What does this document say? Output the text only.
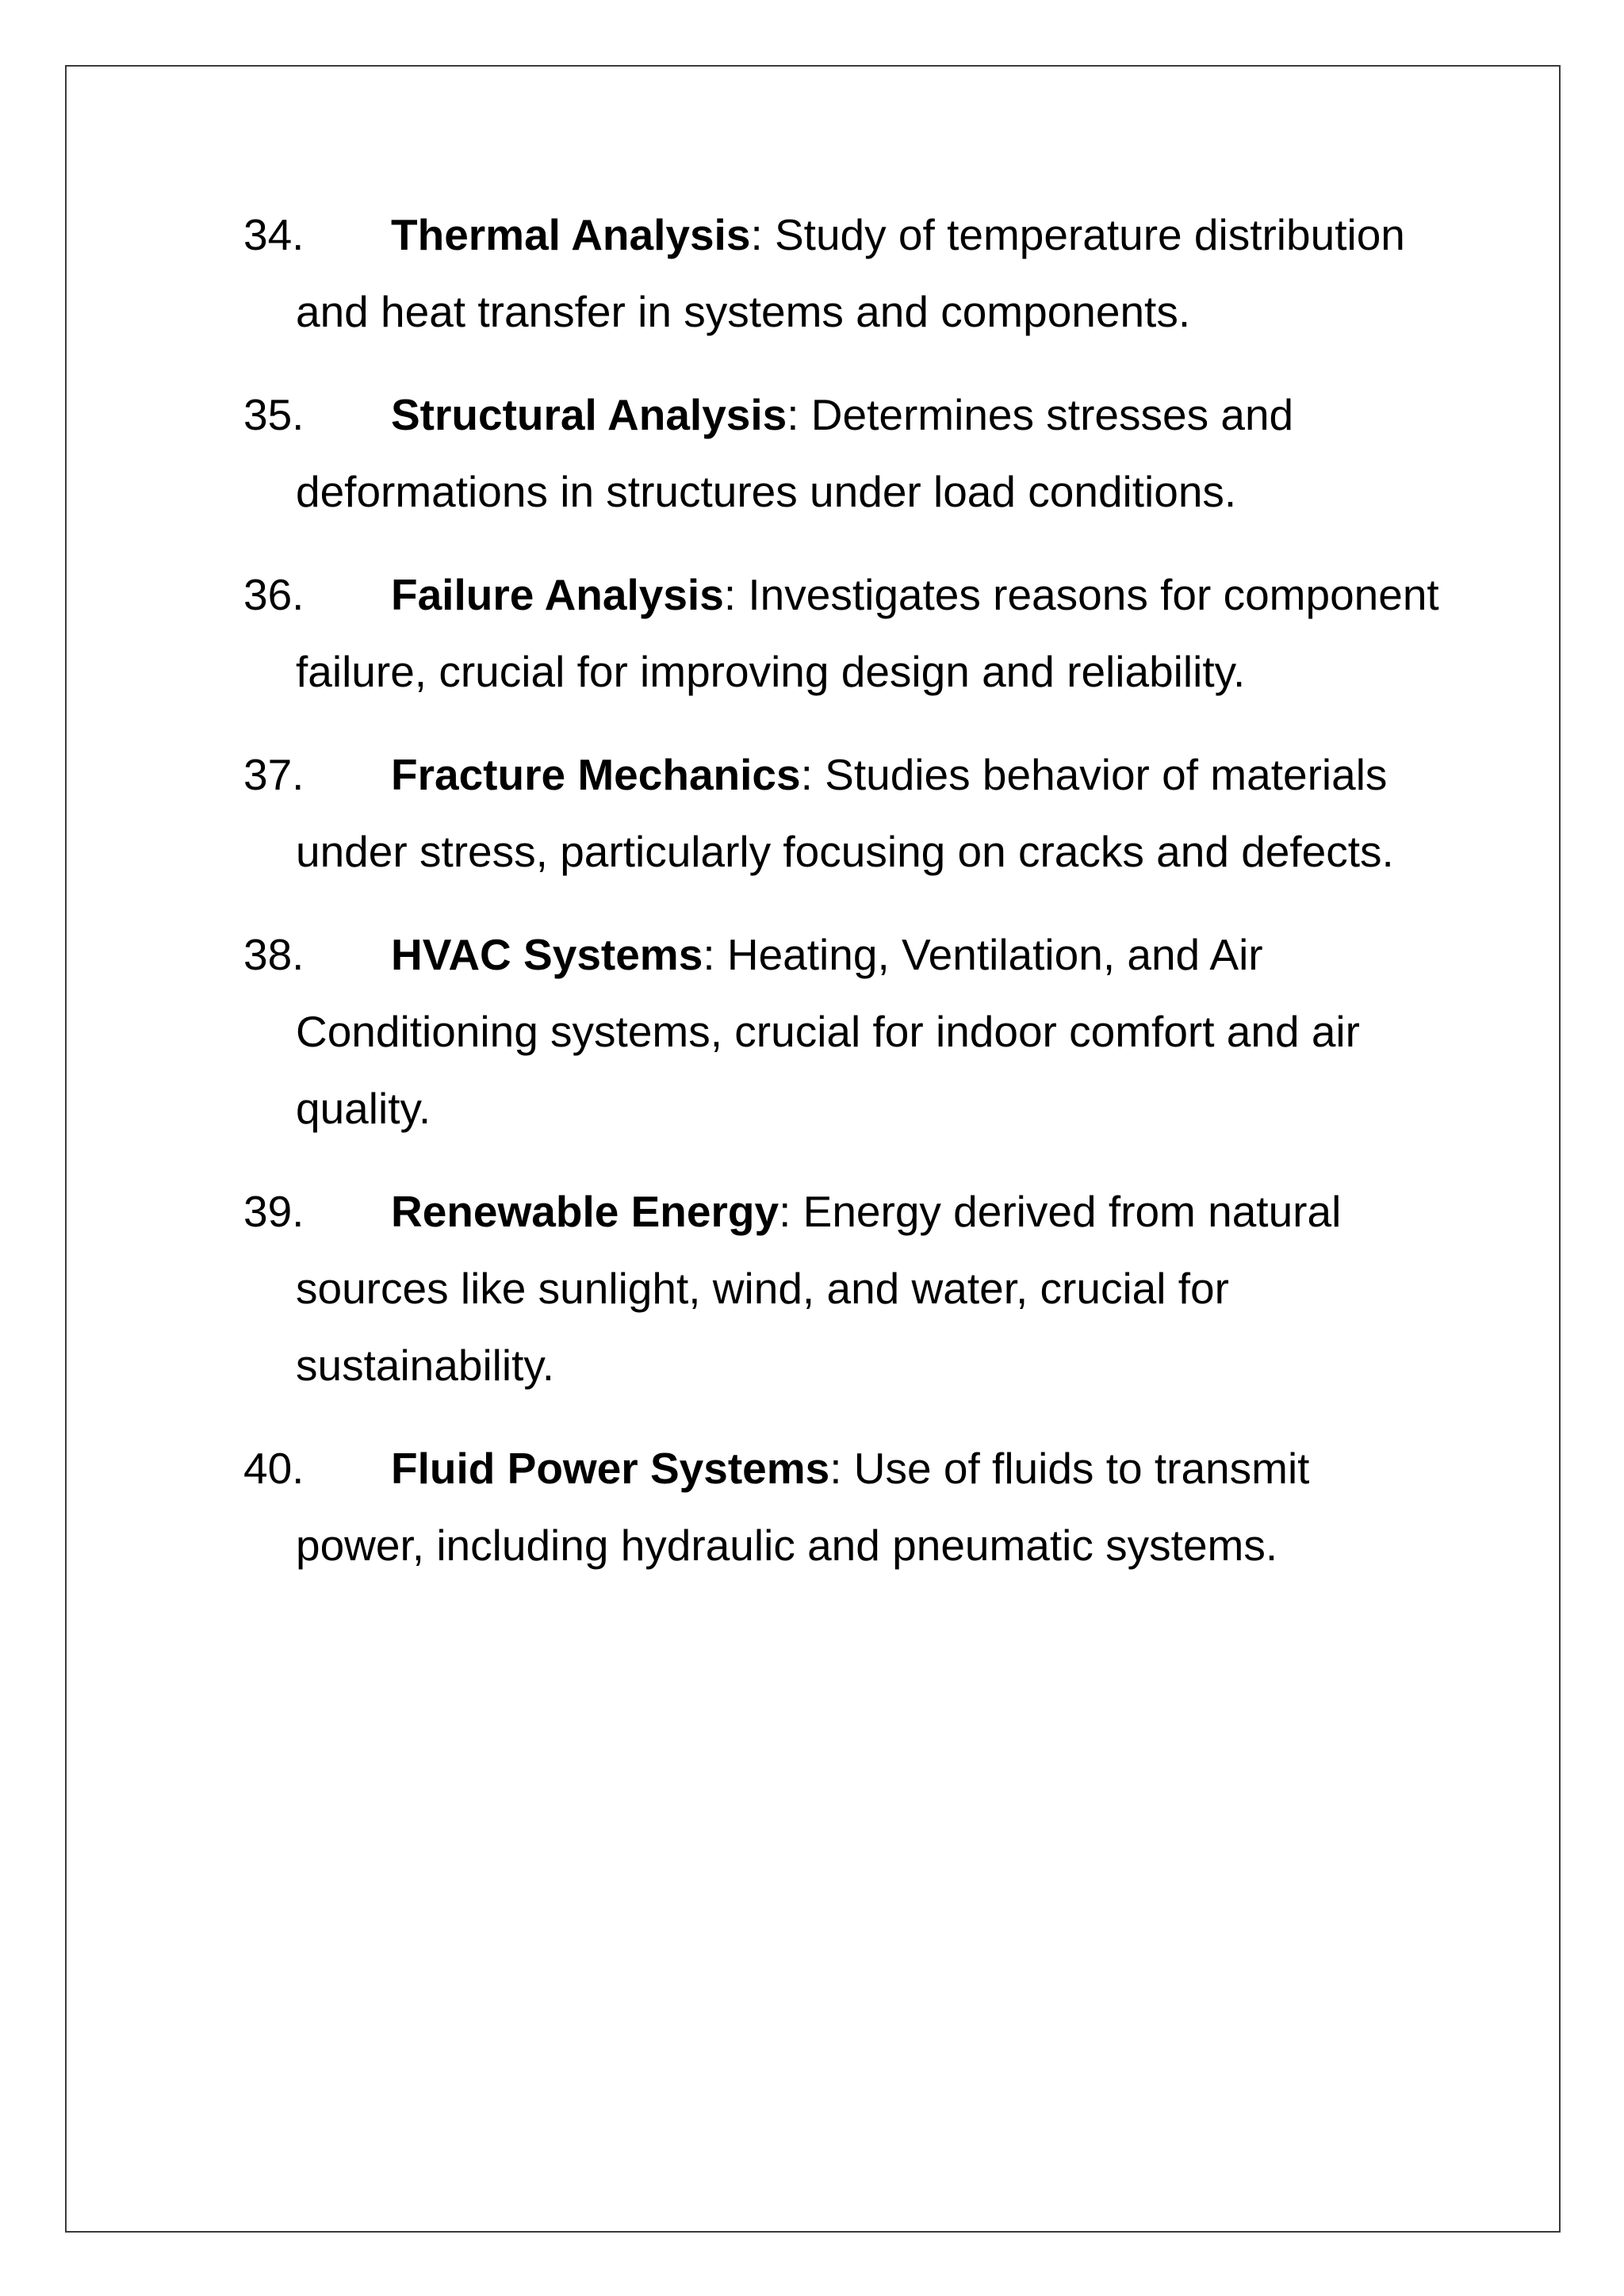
34. Thermal Analysis: Study of temperature distribution and heat transfer in systems and components.
35. Structural Analysis: Determines stresses and deformations in structures under load conditions.
36. Failure Analysis: Investigates reasons for component failure, crucial for improving design and reliability.
37. Fracture Mechanics: Studies behavior of materials under stress, particularly focusing on cracks and defects.
38. HVAC Systems: Heating, Ventilation, and Air Conditioning systems, crucial for indoor comfort and air quality.
39. Renewable Energy: Energy derived from natural sources like sunlight, wind, and water, crucial for sustainability.
40. Fluid Power Systems: Use of fluids to transmit power, including hydraulic and pneumatic systems.
